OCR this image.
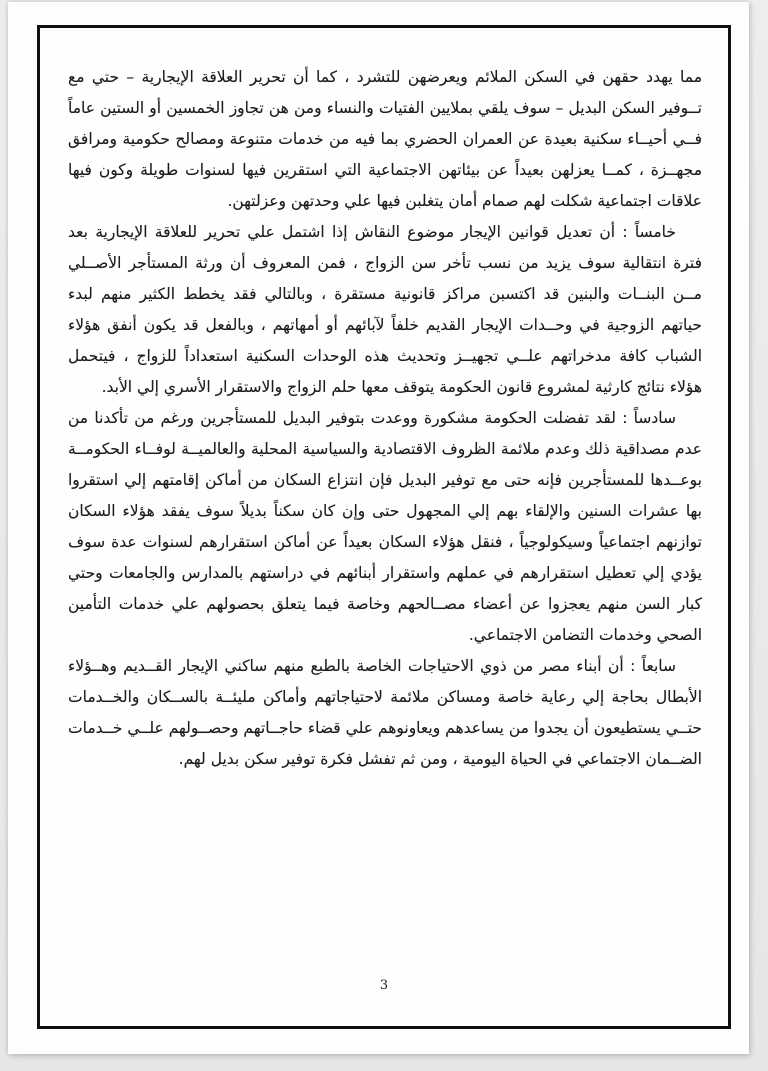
مما يهدد حقهن في السكن الملائم ويعرضهن للتشرد ، كما أن تحرير العلاقة الإيجارية – حتي مع تــوفير السكن البديل – سوف يلقي بملايين الفتيات والنساء ومن هن تجاوز الخمسين أو الستين عاماً فــي أحيــاء سكنية بعيدة عن العمران الحضري بما فيه من خدمات متنوعة ومصالح حكومية ومرافق مجهــزة ، كمــا يعزلهن بعيداً عن بيئاتهن الاجتماعية التي استقرين فيها لسنوات طويلة وكون فيها علاقات اجتماعية شكلت لهم صمام أمان يتغلبن فيها علي وحدتهن وعزلتهن.

خامساً : أن تعديل قوانين الإيجار موضوع النقاش إذا اشتمل علي تحرير للعلاقة الإيجارية بعد فترة انتقالية سوف يزيد من نسب تأخر سن الزواج ، فمن المعروف أن ورثة المستأجر الأصــلي مــن البنــات والبنين قد اكتسبن مراكز قانونية مستقرة ، وبالتالي فقد يخطط الكثير منهم لبدء حياتهم الزوجية في وحــدات الإيجار القديم خلفاً لآبائهم أو أمهاتهم ، وبالفعل قد يكون أنفق هؤلاء الشباب كافة مدخراتهم علــي تجهيــز وتحديث هذه الوحدات السكنية استعداداً للزواج ، فيتحمل هؤلاء نتائج كارثية لمشروع قانون الحكومة يتوقف معها حلم الزواج والاستقرار الأسري إلي الأبد.

سادساً : لقد تفضلت الحكومة مشكورة ووعدت بتوفير البديل للمستأجرين ورغم من تأكدنا من عدم مصداقية ذلك وعدم ملائمة الظروف الاقتصادية والسياسية المحلية والعالميــة لوفــاء الحكومــة بوعــدها للمستأجرين فإنه حتى مع توفير البديل فإن انتزاع السكان من أماكن إقامتهم إلي استقروا بها عشرات السنين والإلقاء بهم إلي المجهول حتى وإن كان سكناً بديلاً سوف يفقد هؤلاء السكان توازنهم اجتماعياً وسيكولوجياً ، فنقل هؤلاء السكان بعيداً عن أماكن استقرارهم لسنوات عدة سوف يؤدي إلي تعطيل استقرارهم في عملهم واستقرار أبنائهم في دراستهم بالمدارس والجامعات وحتي كبار السن منهم يعجزوا عن أعضاء مصــالحهم وخاصة فيما يتعلق بحصولهم علي خدمات التأمين الصحي وخدمات التضامن الاجتماعي.

سابعاً : أن أبناء مصر من ذوي الاحتياجات الخاصة بالطبع منهم ساكني الإيجار القــديم وهــؤلاء الأبطال بحاجة إلي رعاية خاصة ومساكن ملائمة لاحتياجاتهم وأماكن مليئــة بالســكان والخــدمات حتــي يستطيعون أن يجدوا من يساعدهم ويعاونوهم علي قضاء حاجــاتهم وحصــولهم علــي خــدمات الضــمان الاجتماعي في الحياة اليومية ، ومن ثم تفشل فكرة توفير سكن بديل لهم.

3
